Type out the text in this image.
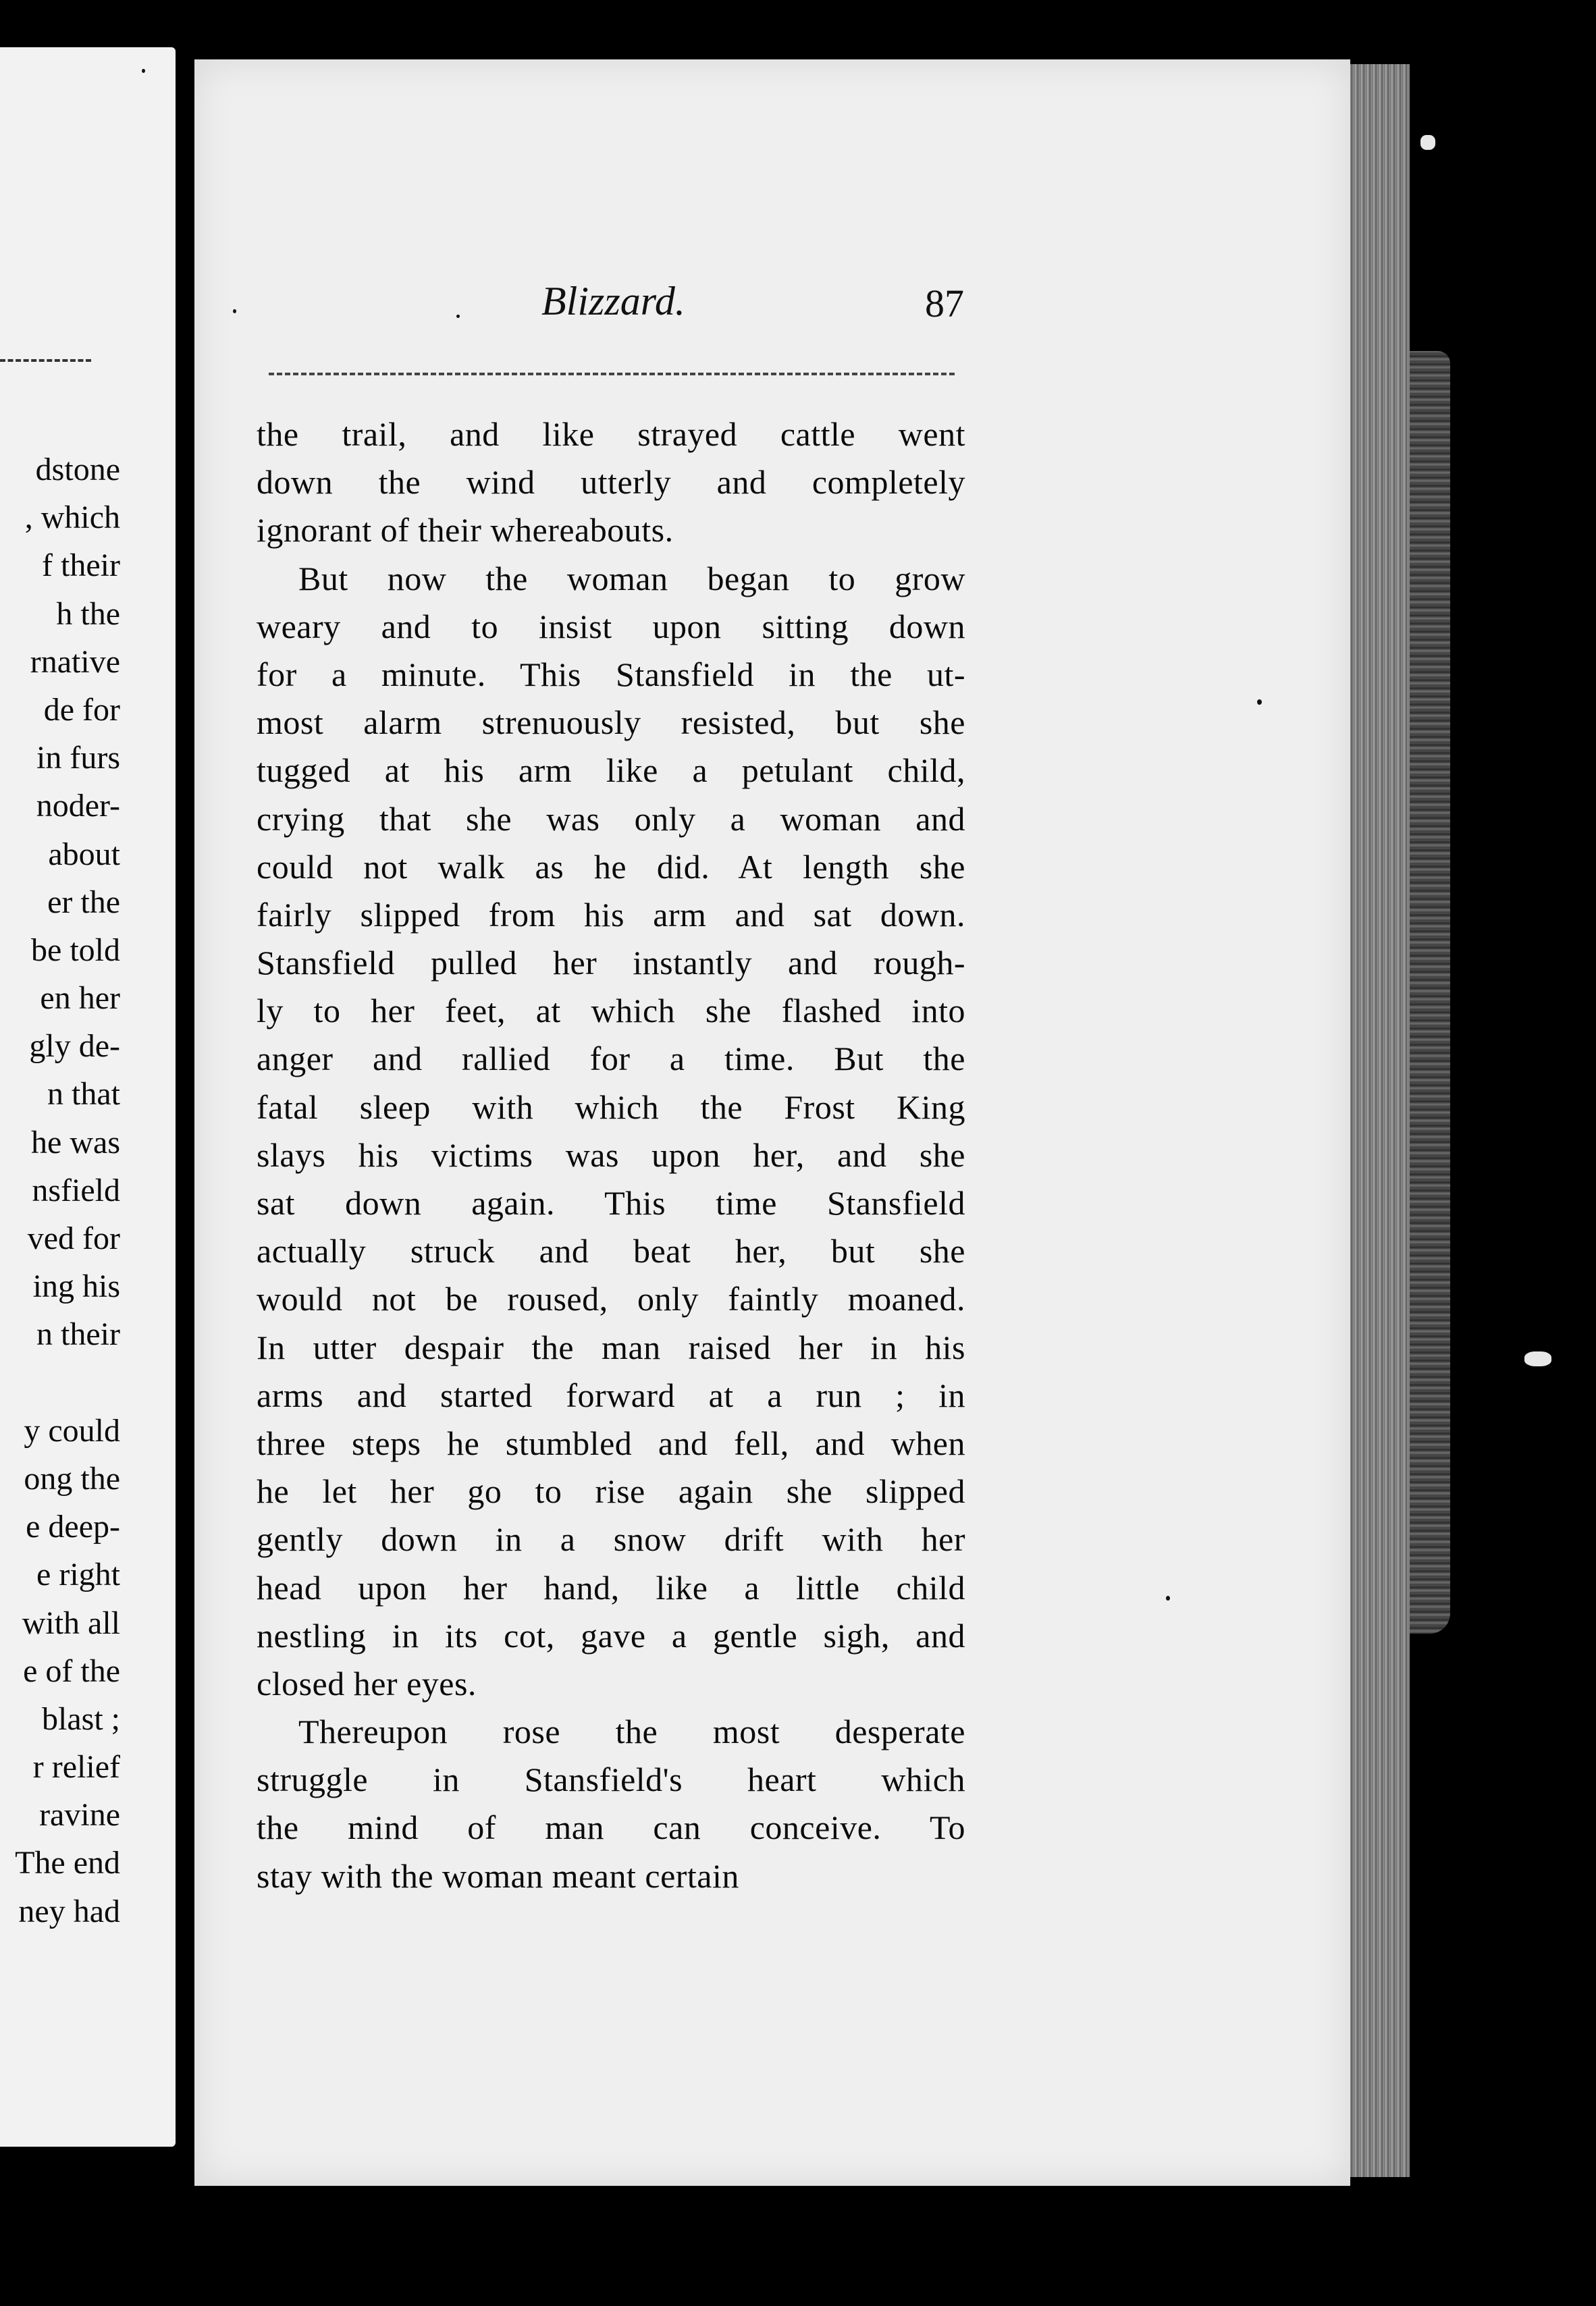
dstone
, which
f their
h the
rnative
de for
in furs
noder-
about
er the
be told
en her
gly de-
n that
he was
nsfield
ved for
ing his
n their
y could
ong the
e deep-
e right
with all
e of the
blast ;
r relief
ravine
The end
ney had
Blizzard.	87
the trail, and like strayed cattle went
down the wind utterly and completely
ignorant of their whereabouts.
But now the woman began to grow
weary and to insist upon sitting down
for a minute. This Stansfield in the ut-
most alarm strenuously resisted, but she
tugged at his arm like a petulant child,
crying that she was only a woman and
could not walk as he did. At length she
fairly slipped from his arm and sat down.
Stansfield pulled her instantly and rough-
ly to her feet, at which she flashed into
anger and rallied for a time. But the
fatal sleep with which the Frost King
slays his victims was upon her, and she
sat down again. This time Stansfield
actually struck and beat her, but she
would not be roused, only faintly moaned.
In utter despair the man raised her in his
arms and started forward at a run ; in
three steps he stumbled and fell, and when
he let her go to rise again she slipped
gently down in a snow drift with her
head upon her hand, like a little child
nestling in its cot, gave a gentle sigh, and
closed her eyes.
Thereupon rose the most desperate
struggle in Stansfield's heart which
the mind of man can conceive. To
stay with the woman meant certain
